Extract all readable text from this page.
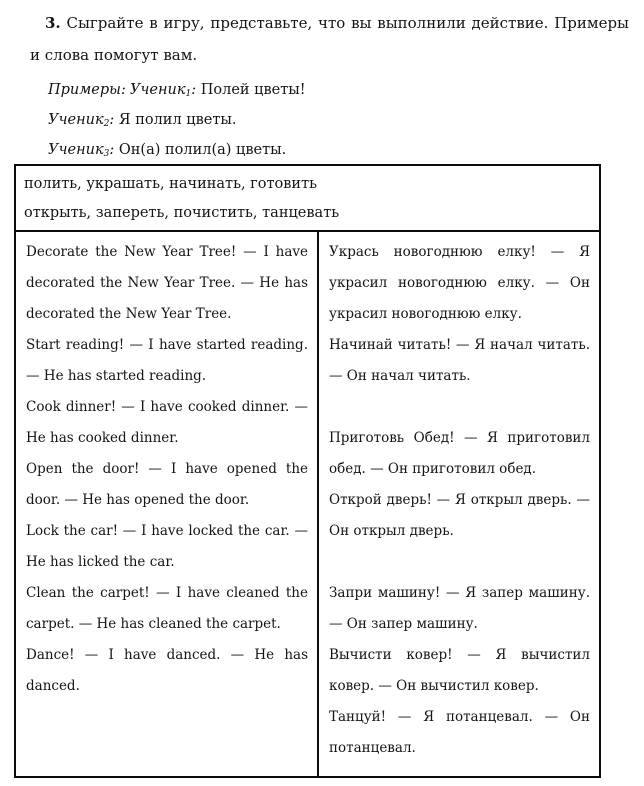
3. Сыграйте в игру, представьте, что вы выполнили действие. Примеры и слова помогут вам.

Примеры: Ученик1: Полей цветы!
Ученик2: Я полил цветы.
Ученик3: Он(а) полил(а) цветы.
полить, украшать, начинать, готовить
открыть, запереть, почистить, танцевать
Decorate the New Year Tree! — I have decorated the New Year Tree. — He has decorated the New Year Tree.
Start reading! — I have started reading. — He has started reading.
Cook dinner! — I have cooked dinner. — He has cooked dinner.
Open the door! — I have opened the door. — He has opened the door.
Lock the car! — I have locked the car. — He has licked the car.
Clean the carpet! — I have cleaned the carpet. — He has cleaned the carpet.
Dance! — I have danced. — He has danced.
Укрась новогоднюю елку! — Я украсил новогоднюю елку. — Он украсил новогоднюю елку.
Начинай читать! — Я начал читать. — Он начал читать.
Приготовь Обед! — Я приготовил обед. — Он приготовил обед.
Открой дверь! — Я открыл дверь. — Он открыл дверь.
Запри машину! — Я запер машину. — Он запер машину.
Вычисти ковер! — Я вычистил ковер. — Он вычистил ковер.
Танцуй! — Я потанцевал. — Он потанцевал.
